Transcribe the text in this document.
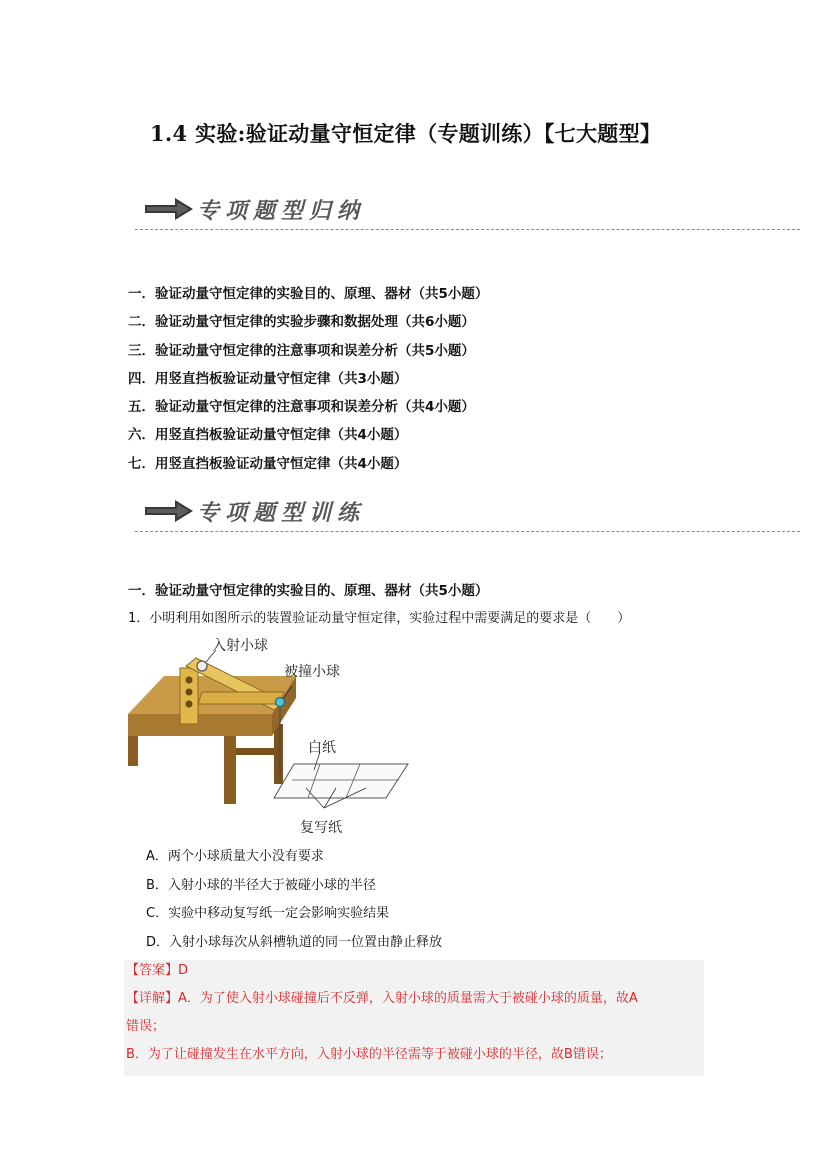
1.4 实验:验证动量守恒定律（专题训练）【七大题型】
专项题型归纳
一．验证动量守恒定律的实验目的、原理、器材（共5小题）
二．验证动量守恒定律的实验步骤和数据处理（共6小题）
三．验证动量守恒定律的注意事项和误差分析（共5小题）
四．用竖直挡板验证动量守恒定律（共3小题）
五．验证动量守恒定律的注意事项和误差分析（共4小题）
六．用竖直挡板验证动量守恒定律（共4小题）
七．用竖直挡板验证动量守恒定律（共4小题）
专项题型训练
一．验证动量守恒定律的实验目的、原理、器材（共5小题）
1．小明利用如图所示的装置验证动量守恒定律，实验过程中需要满足的要求是（　　）
入射小球
被撞小球
白纸
复写纸
A．两个小球质量大小没有要求
B．入射小球的半径大于被碰小球的半径
C．实验中移动复写纸一定会影响实验结果
D．入射小球每次从斜槽轨道的同一位置由静止释放
【答案】D
【详解】A．为了使入射小球碰撞后不反弹，入射小球的质量需大于被碰小球的质量，故A
错误；
B．为了让碰撞发生在水平方向，入射小球的半径需等于被碰小球的半径，故B错误；
